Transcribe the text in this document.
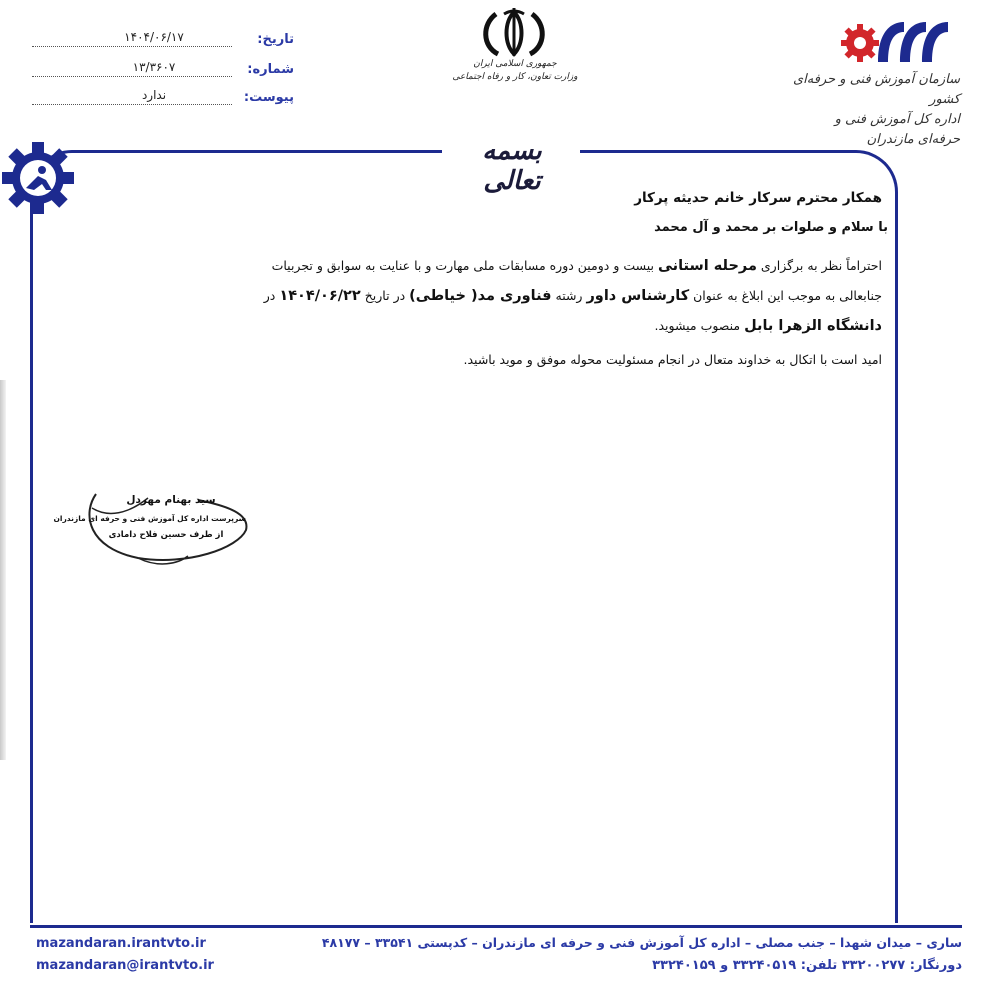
تاریخ:
۱۴۰۴/۰۶/۱۷
شماره:
۱۳/۳۶۰۷
پیوست:
ندارد
جمهوری اسلامی ایران
وزارت تعاون، کار و رفاه اجتماعی	سازمان آموزش فنی و حرفه‌ای کشور
اداره کل آموزش فنی و حرفه‌ای مازندران
بسمه تعالی
همکار محترم سرکار خانم حدیثه پرکار
با سلام و صلوات بر محمد و آل محمد
احتراماً نظر به برگزاری مرحله استانی بیست و دومین دوره مسابقات ملی مهارت و با عنایت به سوابق و تجربیات
جنابعالی به موجب این ابلاغ به عنوان کارشناس داور رشته فناوری مد( خیاطی) در تاریخ ۱۴۰۴/۰۶/۲۲ در
دانشگاه الزهرا بابل منصوب میشوید.
امید است با اتکال به خداوند متعال در انجام مسئولیت محوله موفق و موید باشید.
سید بهنام مهردل
سرپرست اداره کل آموزش فنی و حرفه ای مازندران
از طرف حسین فلاح دامادی
mazandaran.irantvto.ir	ساری – میدان شهدا – جنب مصلی – اداره کل آموزش فنی و حرفه ای مازندران – کدپستی ۳۳۵۴۱ – ۴۸۱۷۷
mazandaran@irantvto.ir	دورنگار: ۳۳۲۰۰۲۷۷ تلفن: ۳۳۲۴۰۵۱۹ و ۳۳۲۴۰۱۵۹
